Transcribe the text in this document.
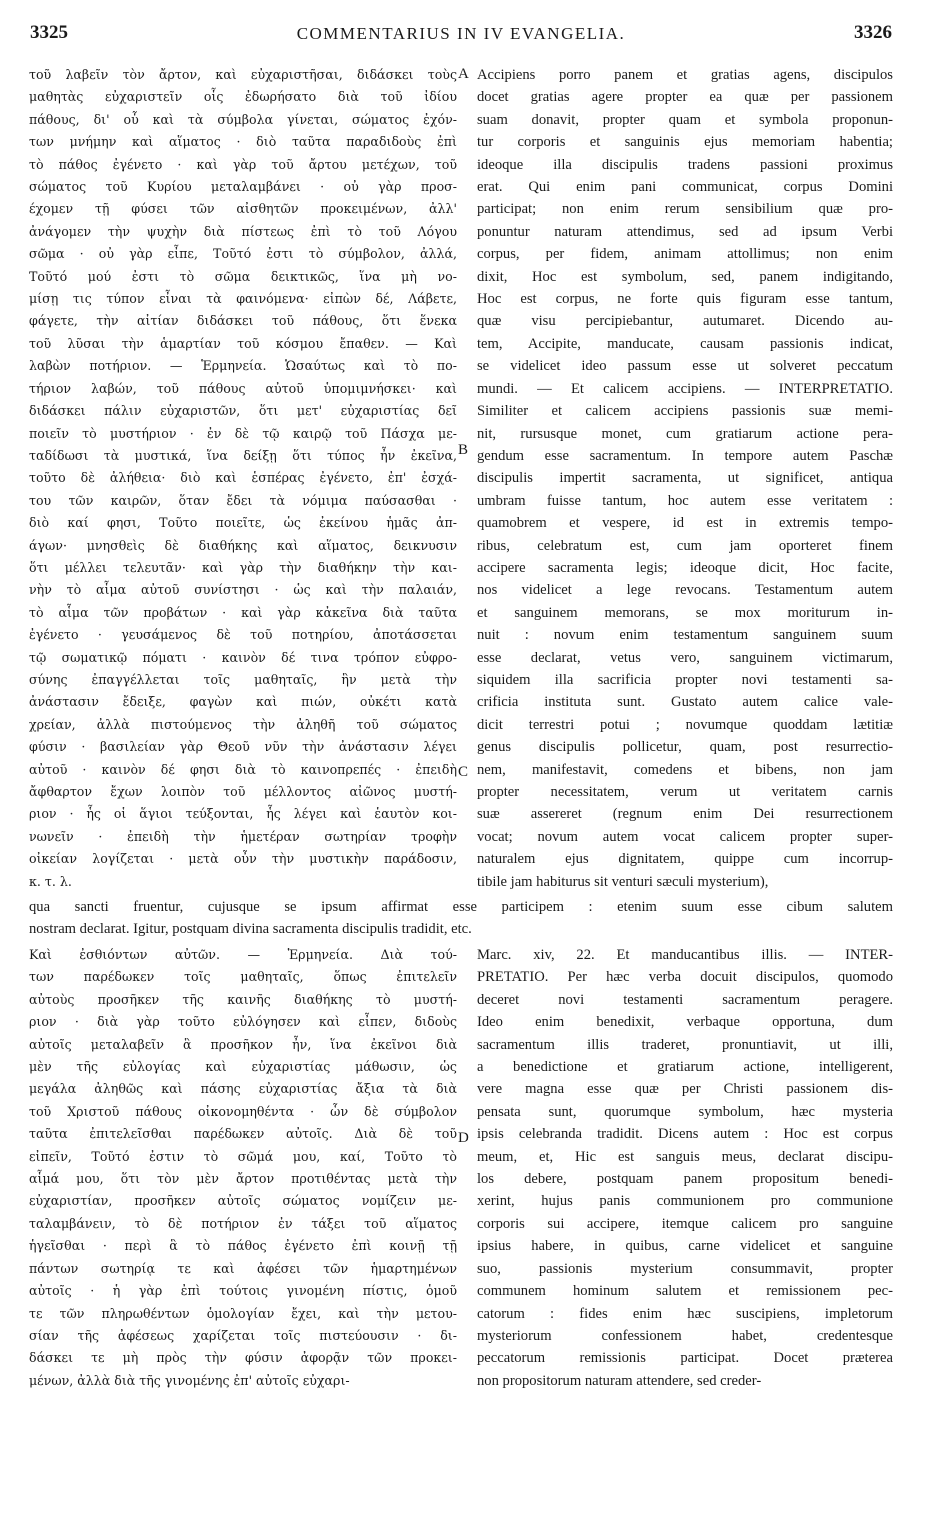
3325	COMMENTARIUS IN IV EVANGELIA.	3326

τοῦ λαβεῖν τὸν ἄρτον, καὶ εὐχαριστῆσαι, διδάσκει τοὺς

μαθητὰς εὐχαριστεῖν οἷς ἐδωρήσατο διὰ τοῦ ἰδίου

πάθους, δι' οὗ καὶ τὰ σύμβολα γίνεται, σώματος ἐχόν-

των μνήμην καὶ αἵματος · διὸ ταῦτα παραδιδοὺς ἐπὶ

τὸ πάθος ἐγένετο · καὶ γὰρ τοῦ ἄρτου μετέχων, τοῦ

σώματος τοῦ Κυρίου μεταλαμβάνει · οὐ γὰρ προσ-

έχομεν τῇ φύσει τῶν αἰσθητῶν προκειμένων, ἀλλ'

ἀνάγομεν τὴν ψυχὴν διὰ πίστεως ἐπὶ τὸ τοῦ Λόγου

σῶμα · οὐ γὰρ εἶπε, Τοῦτό ἐστι τὸ σύμβολον, ἀλλά,

Τοῦτό μού ἐστι τὸ σῶμα δεικτικῶς, ἵνα μὴ νο-

μίσῃ τις τύπον εἶναι τὰ φαινόμενα· εἰπὼν δέ, Λάβετε,

φάγετε, τὴν αἰτίαν διδάσκει τοῦ πάθους, ὅτι ἕνεκα

τοῦ λῦσαι τὴν ἁμαρτίαν τοῦ κόσμου ἔπαθεν. — Καὶ

λαβὼν ποτήριον. — Ἑρμηνεία. Ὡσαύτως καὶ τὸ πο-

τήριον λαβών, τοῦ πάθους αὐτοῦ ὑπομιμνήσκει· καὶ

διδάσκει πάλιν εὐχαριστῶν, ὅτι μετ' εὐχαριστίας δεῖ

ποιεῖν τὸ μυστήριον · ἐν δὲ τῷ καιρῷ τοῦ Πάσχα με-

ταδίδωσι τὰ μυστικά, ἵνα δείξῃ ὅτι τύπος ἦν ἐκεῖνα,

τοῦτο δὲ ἀλήθεια· διὸ καὶ ἑσπέρας ἐγένετο, ἐπ' ἐσχά-

του τῶν καιρῶν, ὅταν ἔδει τὰ νόμιμα παύσασθαι ·

διὸ καί φησι, Τοῦτο ποιεῖτε, ὡς ἐκείνου ἡμᾶς ἀπ-

άγων· μνησθεὶς δὲ διαθήκης καὶ αἵματος, δεικνυσιν

ὅτι μέλλει τελευτᾶν· καὶ γὰρ τὴν διαθήκην τὴν και-

νὴν τὸ αἷμα αὐτοῦ συνίστησι · ὡς καὶ τὴν παλαιάν,

τὸ αἷμα τῶν προβάτων · καὶ γὰρ κἀκεῖνα διὰ ταῦτα

ἐγένετο · γευσάμενος δὲ τοῦ ποτηρίου, ἀποτάσσεται

τῷ σωματικῷ πόματι · καινὸν δέ τινα τρόπον εὐφρο-

σύνης ἐπαγγέλλεται τοῖς μαθηταῖς, ἣν μετὰ τὴν

ἀνάστασιν ἔδειξε, φαγὼν καὶ πιών, οὐκέτι κατὰ

χρείαν, ἀλλὰ πιστούμενος τὴν ἀληθῆ τοῦ σώματος

φύσιν · βασιλείαν γὰρ Θεοῦ νῦν τὴν ἀνάστασιν λέγει

αὐτοῦ · καινὸν δέ φησι διὰ τὸ καινοπρεπές · ἐπειδὴ

ἄφθαρτον ἔχων λοιπὸν τοῦ μέλλοντος αἰῶνος μυστή-

ριον · ἧς οἱ ἅγιοι τεύξονται, ἧς λέγει καὶ ἑαυτὸν κοι-

νωνεῖν · ἐπειδὴ τὴν ἡμετέραν σωτηρίαν τροφὴν

οἰκείαν λογίζεται · μετὰ οὖν τὴν μυστικὴν παράδοσιν,

κ. τ. λ.

Accipiens porro panem et gratias agens, discipulos

docet gratias agere propter ea quæ per passionem

suam donavit, propter quam et symbola proponun-

tur corporis et sanguinis ejus memoriam habentia;

ideoque illa discipulis tradens passioni proximus

erat. Qui enim pani communicat, corpus Domini

participat; non enim rerum sensibilium quæ pro-

ponuntur naturam attendimus, sed ad ipsum Verbi

corpus, per fidem, animam attollimus; non enim

dixit, Hoc est symbolum, sed, panem indigitando,

Hoc est corpus, ne forte quis figuram esse tantum,

quæ visu percipiebantur, autumaret. Dicendo au-

tem, Accipite, manducate, causam passionis indicat,

se videlicet ideo passum esse ut solveret peccatum

mundi. — Et calicem accipiens. — INTERPRETATIO.

Similiter et calicem accipiens passionis suæ memi-

nit, rursusque monet, cum gratiarum actione pera-

gendum esse sacramentum. In tempore autem Paschæ

discipulis impertit sacramenta, ut significet, antiqua

umbram fuisse tantum, hoc autem esse veritatem :

quamobrem et vespere, id est in extremis tempo-

ribus, celebratum est, cum jam oporteret finem

accipere sacramenta legis; ideoque dicit, Hoc facite,

nos videlicet a lege revocans. Testamentum autem

et sanguinem memorans, se mox moriturum in-

nuit : novum enim testamentum sanguinem suum

esse declarat, vetus vero, sanguinem victimarum,

siquidem illa sacrificia propter novi testamenti sa-

crificia instituta sunt. Gustato autem calice vale-

dicit terrestri potui ; novumque quoddam lætitiæ

genus discipulis pollicetur, quam, post resurrectio-

nem, manifestavit, comedens et bibens, non jam

propter necessitatem, verum ut veritatem carnis

suæ assereret (regnum enim Dei resurrectionem

vocat; novum autem vocat calicem propter super-

naturalem ejus dignitatem, quippe cum incorrup-

tibile jam habiturus sit venturi sæculi mysterium),

A
B
C
D

qua sancti fruentur, cujusque se ipsum affirmat esse participem : etenim suum esse cibum salutem

nostram declarat. Igitur, postquam divina sacramenta discipulis tradidit, etc.

Καὶ ἐσθιόντων αὐτῶν. — Ἑρμηνεία. Διὰ τού-

των παρέδωκεν τοῖς μαθηταῖς, ὅπως ἐπιτελεῖν

αὐτοὺς προσῆκεν τῆς καινῆς διαθήκης τὸ μυστή-

ριον · διὰ γὰρ τοῦτο εὐλόγησεν καὶ εἶπεν, διδοὺς

αὐτοῖς μεταλαβεῖν ἃ προσῆκον ἦν, ἵνα ἐκεῖνοι διὰ

μὲν τῆς εὐλογίας καὶ εὐχαριστίας μάθωσιν, ὡς

μεγάλα ἀληθῶς καὶ πάσης εὐχαριστίας ἄξια τὰ διὰ

τοῦ Χριστοῦ πάθους οἰκονομηθέντα · ὧν δὲ σύμβολον

ταῦτα ἐπιτελεῖσθαι παρέδωκεν αὐτοῖς. Διὰ δὲ τοῦ

εἰπεῖν, Τοῦτό ἐστιν τὸ σῶμά μου, καί, Τοῦτο τὸ

αἷμά μου, ὅτι τὸν μὲν ἄρτον προτιθέντας μετὰ τὴν

εὐχαριστίαν, προσῆκεν αὐτοῖς σώματος νομίζειν με-

ταλαμβάνειν, τὸ δὲ ποτήριον ἐν τάξει τοῦ αἵματος

ἡγεῖσθαι · περὶ ἃ τὸ πάθος ἐγένετο ἐπὶ κοινῇ τῇ

πάντων σωτηρίᾳ τε καὶ ἀφέσει τῶν ἡμαρτημένων

αὐτοῖς · ἡ γὰρ ἐπὶ τούτοις γινομένη πίστις, ὁμοῦ

τε τῶν πληρωθέντων ὁμολογίαν ἔχει, καὶ τὴν μετου-

σίαν τῆς ἀφέσεως χαρίζεται τοῖς πιστεύουσιν · δι-

δάσκει τε μὴ πρὸς τὴν φύσιν ἀφορᾷν τῶν προκει-

μένων, ἀλλὰ διὰ τῆς γινομένης ἐπ' αὐτοῖς εὐχαρι-

Marc. xiv, 22. Et manducantibus illis. — INTER-

PRETATIO. Per hæc verba docuit discipulos, quomodo

deceret novi testamenti sacramentum peragere.

Ideo enim benedixit, verbaque opportuna, dum

sacramentum illis traderet, pronuntiavit, ut illi,

a benedictione et gratiarum actione, intelligerent,

vere magna esse quæ per Christi passionem dis-

pensata sunt, quorumque symbolum, hæc mysteria

ipsis celebranda tradidit. Dicens autem : Hoc est corpus

meum, et, Hic est sanguis meus, declarat discipu-

los debere, postquam panem propositum benedi-

xerint, hujus panis communionem pro communione

corporis sui accipere, itemque calicem pro sanguine

ipsius habere, in quibus, carne videlicet et sanguine

suo, passionis mysterium consummavit, propter

communem hominum salutem et remissionem pec-

catorum : fides enim hæc suscipiens, impletorum

mysteriorum confessionem habet, credentesque

peccatorum remissionis participat. Docet præterea

non propositorum naturam attendere, sed creder-
